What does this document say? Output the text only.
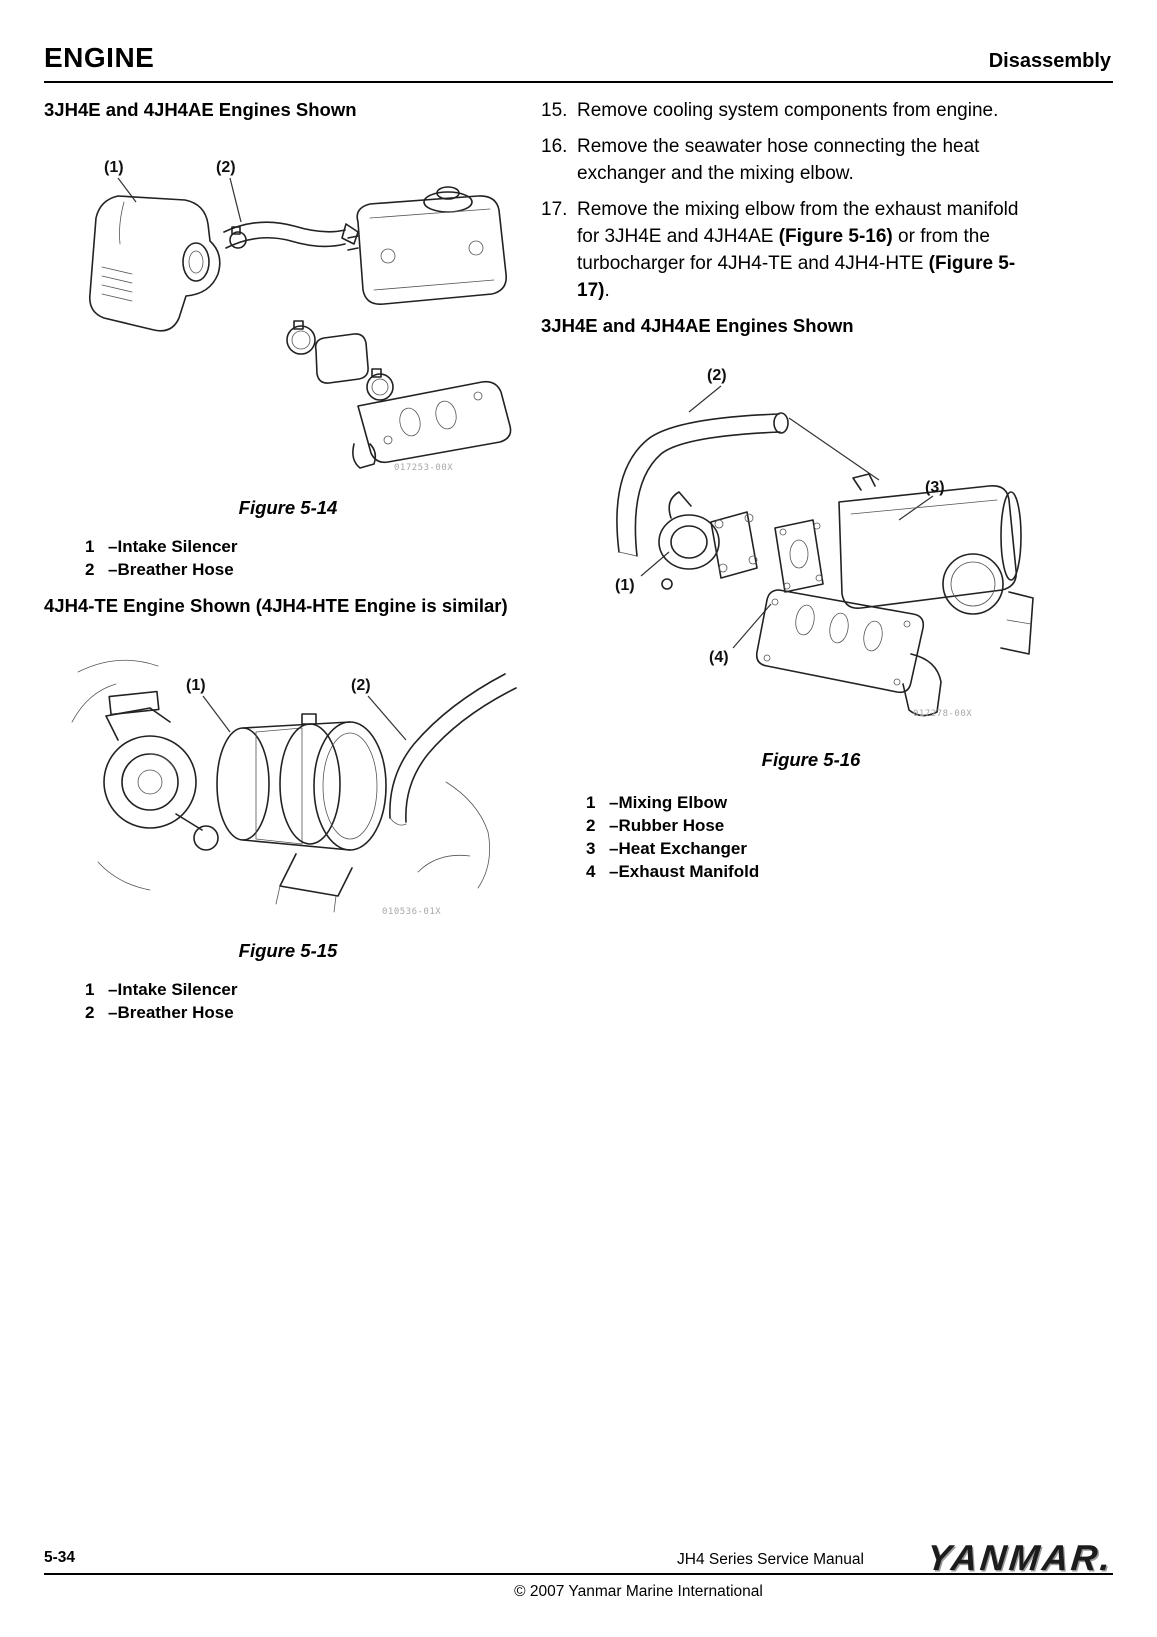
ENGINE	Disassembly
3JH4E and 4JH4AE Engines Shown
(1)	(2)
017253-00X
Figure 5-14
1 – Intake Silencer
2 – Breather Hose
4JH4-TE Engine Shown (4JH4-HTE Engine is similar)
(1)	(2)
010536-01X
Figure 5-15
1 – Intake Silencer
2 – Breather Hose
15. Remove cooling system components from engine.
16. Remove the seawater hose connecting the heat exchanger and the mixing elbow.
17. Remove the mixing elbow from the exhaust manifold for 3JH4E and 4JH4AE (Figure 5-16) or from the turbocharger for 4JH4-TE and 4JH4-HTE (Figure 5-17).
3JH4E and 4JH4AE Engines Shown
(2)
(3)
(1)
(4)
017278-00X
Figure 5-16
1 – Mixing Elbow
2 – Rubber Hose
3 – Heat Exchanger
4 – Exhaust Manifold
5-34	JH4 Series Service Manual YANMAR.
© 2007 Yanmar Marine International
